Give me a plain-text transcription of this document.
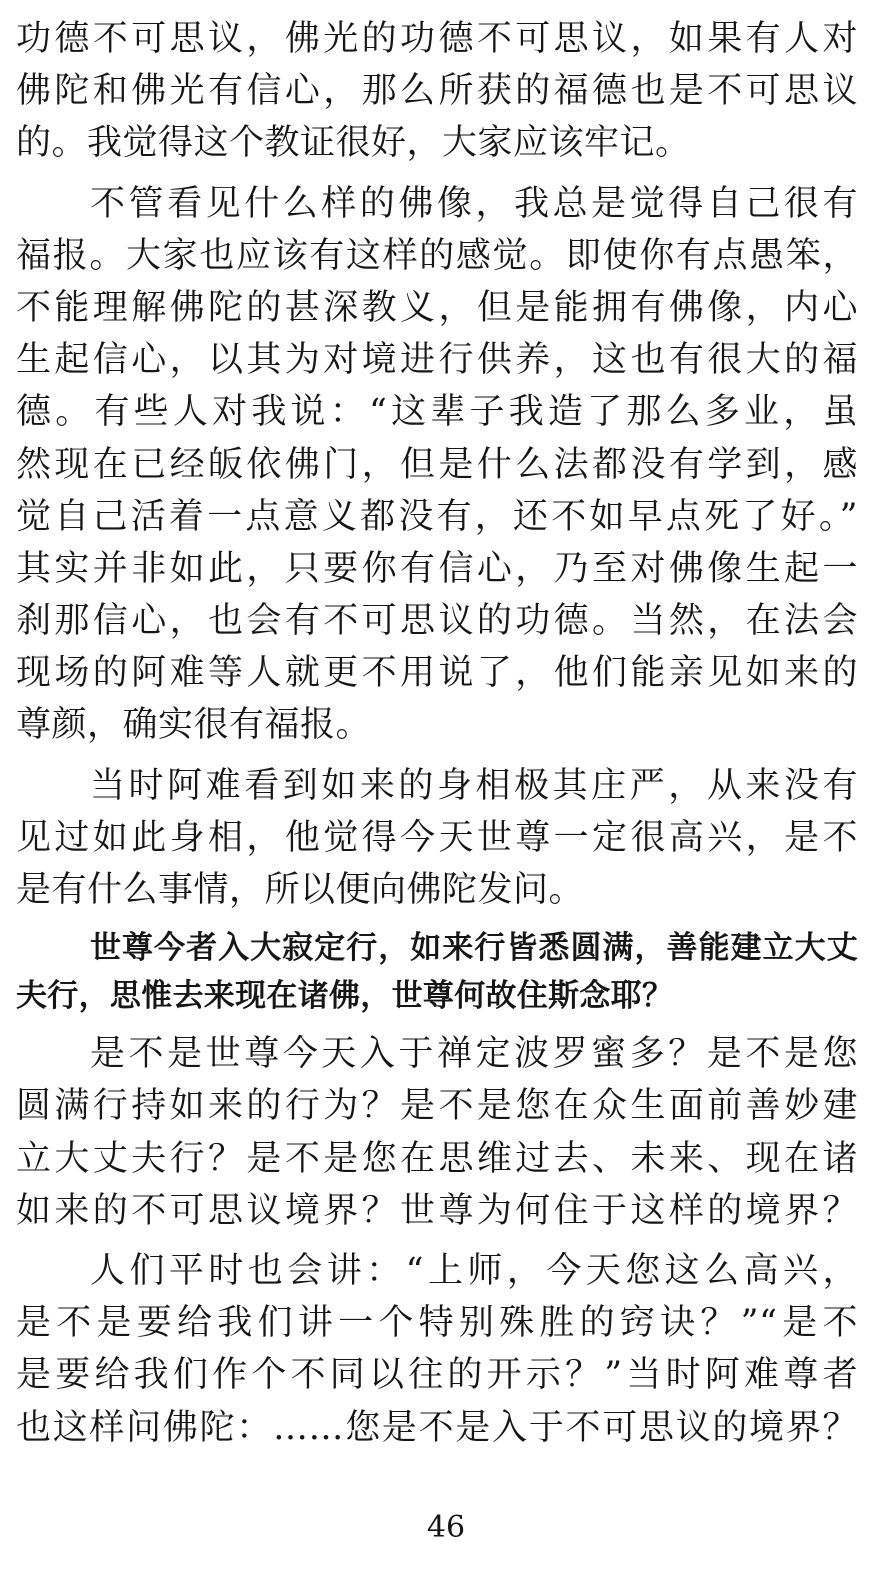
功德不可思议，佛光的功德不可思议，如果有人对
佛陀和佛光有信心，那么所获的福德也是不可思议
的。我觉得这个教证很好，大家应该牢记。
不管看见什么样的佛像，我总是觉得自己很有
福报。大家也应该有这样的感觉。即使你有点愚笨，
不能理解佛陀的甚深教义，但是能拥有佛像，内心
生起信心，以其为对境进行供养，这也有很大的福
德。有些人对我说：“这辈子我造了那么多业，虽
然现在已经皈依佛门，但是什么法都没有学到，感
觉自己活着一点意义都没有，还不如早点死了好。”
其实并非如此，只要你有信心，乃至对佛像生起一
刹那信心，也会有不可思议的功德。当然，在法会
现场的阿难等人就更不用说了，他们能亲见如来的
尊颜，确实很有福报。
当时阿难看到如来的身相极其庄严，从来没有
见过如此身相，他觉得今天世尊一定很高兴，是不
是有什么事情，所以便向佛陀发问。
世尊今者入大寂定行，如来行皆悉圆满，善能建立大丈
夫行，思惟去来现在诸佛，世尊何故住斯念耶？
是不是世尊今天入于禅定波罗蜜多？是不是您
圆满行持如来的行为？是不是您在众生面前善妙建
立大丈夫行？是不是您在思维过去、未来、现在诸
如来的不可思议境界？世尊为何住于这样的境界？
人们平时也会讲：“上师，今天您这么高兴，
是不是要给我们讲一个特别殊胜的窍诀？”“是不
是要给我们作个不同以往的开示？”当时阿难尊者
也这样问佛陀：……您是不是入于不可思议的境界？
46
